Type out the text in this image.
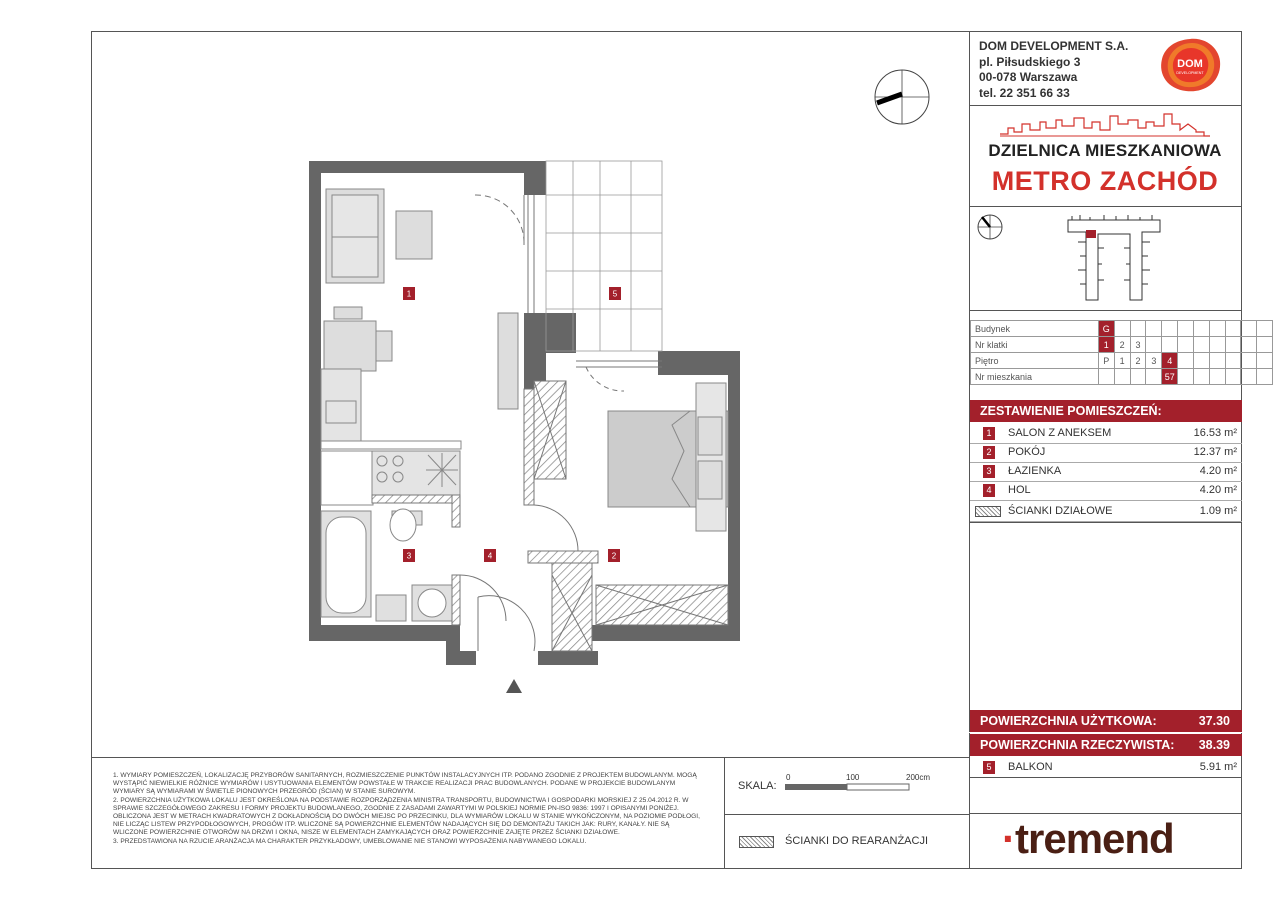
DOM DEVELOPMENT S.A.
pl. Piłsudskiego 3
00-078 Warszawa
tel. 22 351 66 33
DOM
DEVELOPMENT
DZIELNICA MIESZKANIOWA
METRO ZACHÓD
Budynek	G										
Nr klatki	1	2	3								
Piętro	P	1	2	3	4						
Nr mieszkania					57						
ZESTAWIENIE POMIESZCZEŃ:
1	SALON Z ANEKSEM	16.53 m²
2	POKÓJ	12.37 m²
3	ŁAZIENKA	4.20 m²
4	HOL	4.20 m²
ŚCIANKI DZIAŁOWE	1.09 m²
POWIERZCHNIA UŻYTKOWA:	37.30
POWIERZCHNIA RZECZYWISTA: 38.39
5	BALKON	5.91 m²
·tremend
1. WYMIARY POMIESZCZEŃ, LOKALIZACJĘ PRZYBORÓW SANITARNYCH, ROZMIESZCZENIE PUNKTÓW INSTALACYJNYCH ITP. PODANO ZGODNIE Z PROJEKTEM BUDOWLANYM. MOGĄ WYSTĄPIĆ NIEWIELKIE RÓŻNICE WYMIARÓW I USYTUOWANIA ELEMENTÓW POWSTAŁE W TRAKCIE REALIZACJI PRAC BUDOWLANYCH. PODANE W PROJEKCIE BUDOWLANYM WYMIARY SĄ WYMIARAMI W ŚWIETLE PIONOWYCH PRZEGRÓD (ŚCIAN) W STANIE SUROWYM.
2. POWIERZCHNIA UŻYTKOWA LOKALU JEST OKREŚLONA NA PODSTAWIE ROZPORZĄDZENIA MINISTRA TRANSPORTU, BUDOWNICTWA I GOSPODARKI MORSKIEJ Z 25.04.2012 R. W SPRAWIE SZCZEGÓŁOWEGO ZAKRESU I FORMY PROJEKTU BUDOWLANEGO, ZGODNIE Z ZASADAMI ZAWARTYMI W POLSKIEJ NORMIE PN-ISO 9836: 1997 I OPISANYMI PONIŻEJ. OBLICZONA JEST W METRACH KWADRATOWYCH Z DOKŁADNOŚCIĄ DO DWÓCH MIEJSC PO PRZECINKU, DLA WYMIARÓW LOKALU W STANIE WYKOŃCZONYM, NA POZIOMIE PODŁOGI, NIE LICZĄC LISTEW PRZYPODŁOGOWYCH, PROGÓW ITP. WLICZONE SĄ POWIERZCHNIE ELEMENTÓW NADAJĄCYCH SIĘ DO DEMONTAŻU TAKICH JAK: RURY, KANAŁY. NIE SĄ WLICZONE POWIERZCHNIE OTWORÓW NA DRZWI I OKNA, NISZE W ELEMENTACH ZAMYKAJĄCYCH ORAZ POWIERZCHNIE ZAJĘTE PRZEZ ŚCIANKI DZIAŁOWE.
3. PRZEDSTAWIONA NA RZUCIE ARANŻACJA MA CHARAKTER PRZYKŁADOWY, UMEBLOWANIE NIE STANOWI WYPOSAŻENIA NABYWANEGO LOKALU.
SKALA:
0	100	200cm
ŚCIANKI DO REARANŻACJI
1	5
3	4	2
